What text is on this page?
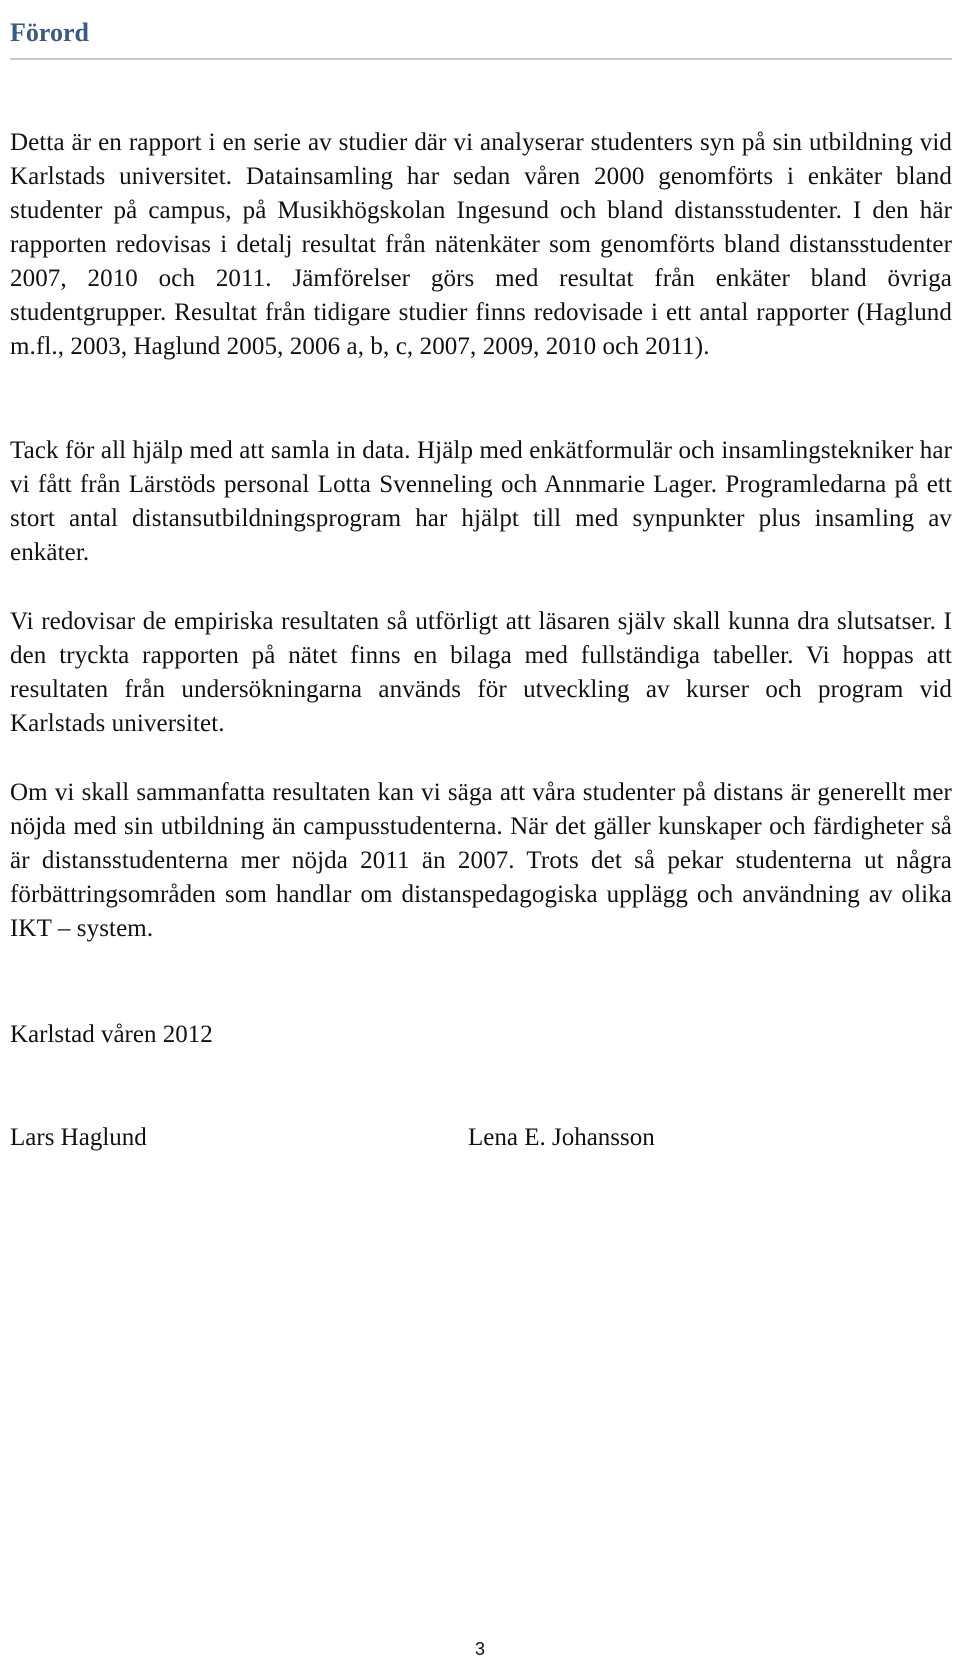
Förord

Detta är en rapport i en serie av studier där vi analyserar studenters syn på sin utbildning vid Karlstads universitet. Datainsamling har sedan våren 2000 genomförts i enkäter bland studenter på campus, på Musikhögskolan Ingesund och bland distansstudenter. I den här rapporten redovisas i detalj resultat från nätenkäter som genomförts bland distansstudenter 2007, 2010 och 2011. Jämförelser görs med resultat från enkäter bland övriga studentgrupper. Resultat från tidigare studier finns redovisade i ett antal rapporter (Haglund m.fl., 2003, Haglund 2005, 2006 a, b, c, 2007, 2009, 2010 och 2011).

Tack för all hjälp med att samla in data. Hjälp med enkätformulär och insamlingstekniker har vi fått från Lärstöds personal Lotta Svenneling och Annmarie Lager. Programledarna på ett stort antal distansutbildningsprogram har hjälpt till med synpunkter plus insamling av enkäter.

Vi redovisar de empiriska resultaten så utförligt att läsaren själv skall kunna dra slutsatser. I den tryckta rapporten på nätet finns en bilaga med fullständiga tabeller. Vi hoppas att resultaten från undersökningarna används för utveckling av kurser och program vid Karlstads universitet.

Om vi skall sammanfatta resultaten kan vi säga att våra studenter på distans är generellt mer nöjda med sin utbildning än campusstudenterna. När det gäller kunskaper och färdigheter så är distansstudenterna mer nöjda 2011 än 2007. Trots det så pekar studenterna ut några förbättringsområden som handlar om distanspedagogiska upplägg och användning av olika IKT – system.

Karlstad våren 2012
Lars Haglund	Lena E. Johansson
3
